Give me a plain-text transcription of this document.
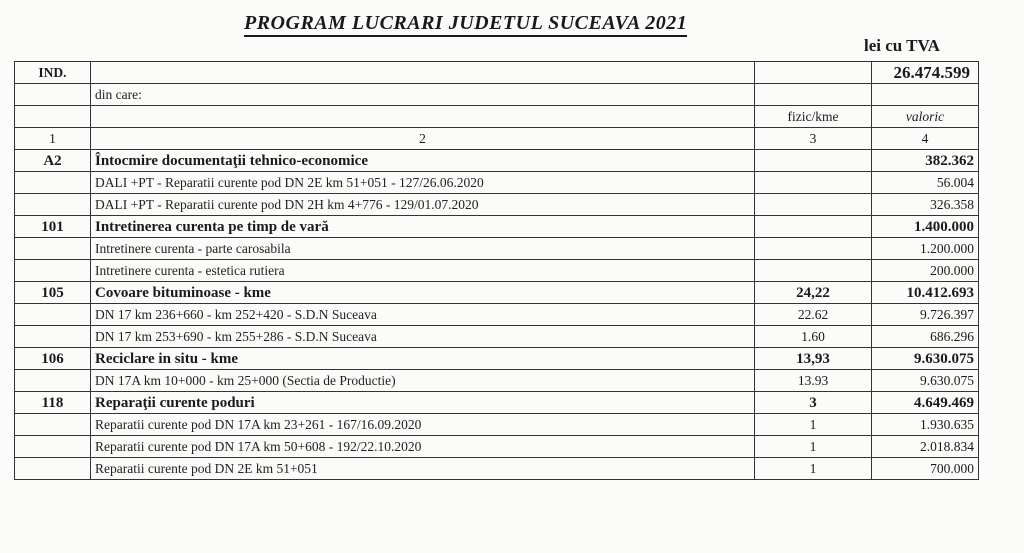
PROGRAM LUCRARI JUDETUL SUCEAVA 2021
lei cu TVA
IND.			26.474.599
	din care:		
		fizic/kme	valoric
1	2	3	4
A2	Întocmire documentaţii tehnico-economice		382.362
	DALI +PT - Reparatii curente pod DN 2E km 51+051 - 127/26.06.2020		56.004
	DALI +PT - Reparatii curente pod DN 2H km 4+776 - 129/01.07.2020		326.358
101	Intretinerea curenta pe timp de vară		1.400.000
	Intretinere curenta - parte carosabila		1.200.000
	Intretinere curenta - estetica rutiera		200.000
105	Covoare bituminoase - kme	24,22	10.412.693
	DN 17 km 236+660 - km 252+420 - S.D.N Suceava	22.62	9.726.397
	DN 17 km 253+690 - km 255+286 - S.D.N Suceava	1.60	686.296
106	Reciclare in situ - kme	13,93	9.630.075
	DN 17A km 10+000 - km 25+000 (Sectia de Productie)	13.93	9.630.075
118	Reparaţii curente poduri	3	4.649.469
	Reparatii curente pod DN 17A km 23+261 - 167/16.09.2020	1	1.930.635
	Reparatii curente pod DN 17A km 50+608 - 192/22.10.2020	1	2.018.834
	Reparatii curente pod DN 2E km 51+051	1	700.000
